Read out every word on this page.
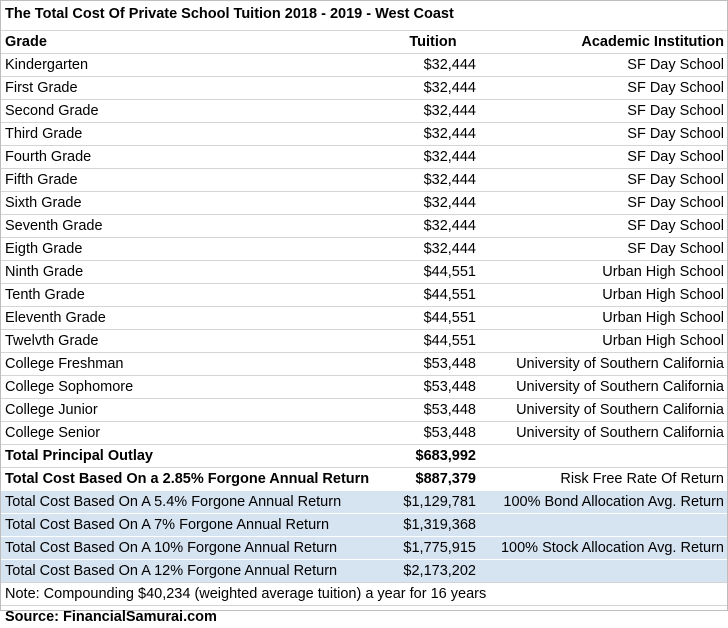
The Total Cost Of Private School Tuition 2018 - 2019 - West Coast		
Grade	Tuition	Academic Institution
Kindergarten	$32,444	SF Day School
First Grade	$32,444	SF Day School
Second Grade	$32,444	SF Day School
Third Grade	$32,444	SF Day School
Fourth Grade	$32,444	SF Day School
Fifth Grade	$32,444	SF Day School
Sixth Grade	$32,444	SF Day School
Seventh Grade	$32,444	SF Day School
Eigth Grade	$32,444	SF Day School
Ninth Grade	$44,551	Urban High School
Tenth Grade	$44,551	Urban High School
Eleventh Grade	$44,551	Urban High School
Twelvth Grade	$44,551	Urban High School
College Freshman	$53,448	University of Southern California
College Sophomore	$53,448	University of Southern California
College Junior	$53,448	University of Southern California
College Senior	$53,448	University of Southern California
Total Principal Outlay	$683,992	
Total Cost Based On a 2.85% Forgone Annual Return	$887,379	Risk Free Rate Of Return
Total Cost Based On A 5.4% Forgone Annual Return	$1,129,781	100% Bond Allocation Avg. Return
Total Cost Based On A 7% Forgone Annual Return	$1,319,368	
Total Cost Based On A 10% Forgone Annual Return	$1,775,915	100% Stock Allocation Avg. Return
Total Cost Based On A 12% Forgone Annual Return	$2,173,202	
Note: Compounding $40,234 (weighted average tuition) a year for 16 years		
Source: FinancialSamurai.com		
